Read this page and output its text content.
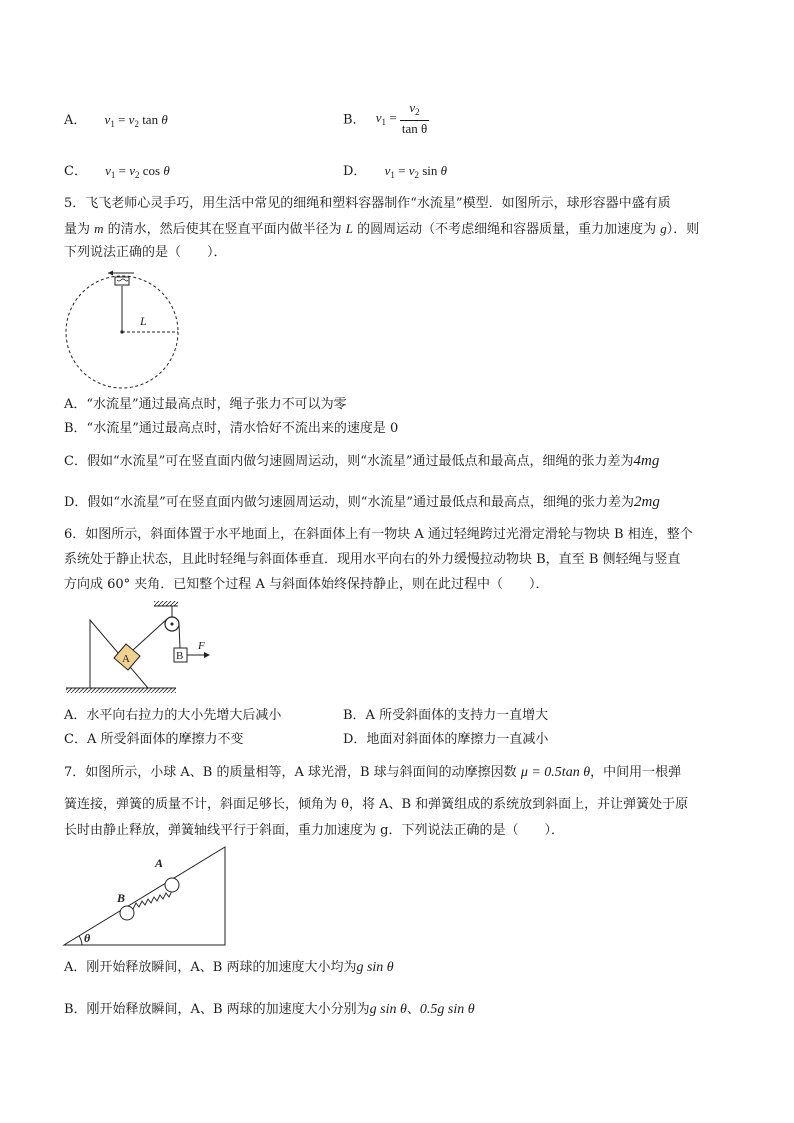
A． $v_1 = v_2$ tan θ	B． $v_1 = \frac{v_2}{\text{tan θ}}$
C． $v_1 = v_2$ cos θ	D． $v_1 = v_2$ sin θ
5．飞飞老师心灵手巧，用生活中常见的细绳和塑料容器制作“水流星”模型．如图所示，球形容器中盛有质
量为 m 的清水，然后使其在竖直平面内做半径为 L 的圆周运动（不考虑细绳和容器质量，重力加速度为 g）．则
下列说法正确的是（　　）．
L
A．“水流星”通过最高点时，绳子张力不可以为零
B．“水流星”通过最高点时，清水恰好不流出来的速度是 0
C．假如“水流星”可在竖直面内做匀速圆周运动，则“水流星”通过最低点和最高点，细绳的张力差为4mg
D．假如“水流星”可在竖直面内做匀速圆周运动，则“水流星”通过最低点和最高点，细绳的张力差为2mg
6．如图所示，斜面体置于水平地面上，在斜面体上有一物块 A 通过轻绳跨过光滑定滑轮与物块 B 相连，整个
系统处于静止状态，且此时轻绳与斜面体垂直．现用水平向右的外力缓慢拉动物块 B，直至 B 侧轻绳与竖直
方向成 60° 夹角．已知整个过程 A 与斜面体始终保持静止，则在此过程中（　　）．
A	B
F
A．水平向右拉力的大小先增大后减小	B．A 所受斜面体的支持力一直增大
C．A 所受斜面体的摩擦力不变	D．地面对斜面体的摩擦力一直减小
7．如图所示，小球 A、B 的质量相等，A 球光滑，B 球与斜面间的动摩擦因数 μ = 0.5tan θ，中间用一根弹
簧连接，弹簧的质量不计，斜面足够长，倾角为 θ，将 A、B 和弹簧组成的系统放到斜面上，并让弹簧处于原
长时由静止释放，弹簧轴线平行于斜面，重力加速度为 g．下列说法正确的是（　　）．
θ
B
A
A．刚开始释放瞬间，A、B 两球的加速度大小均为g sin θ
B．刚开始释放瞬间，A、B 两球的加速度大小分别为g sin θ、0.5g sin θ
